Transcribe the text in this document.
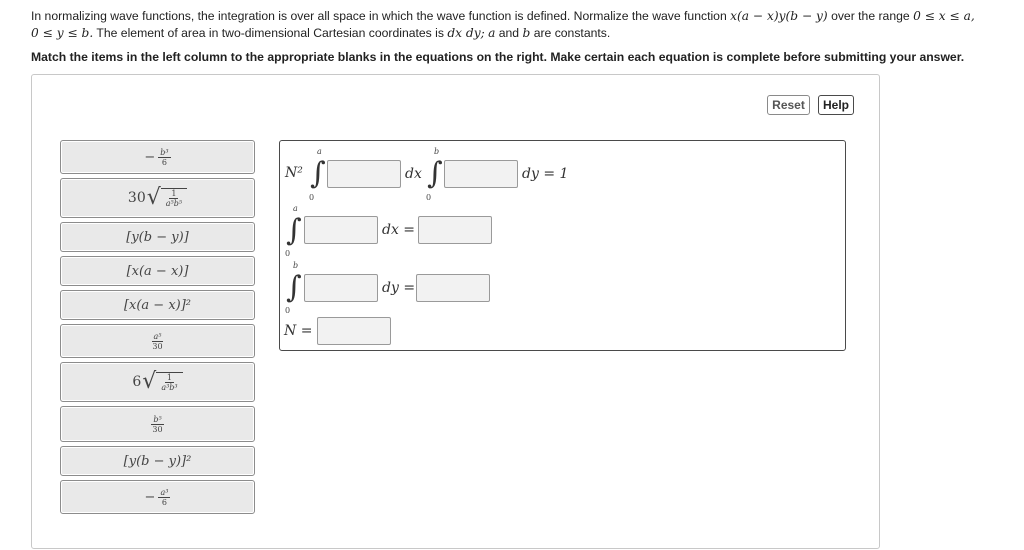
In normalizing wave functions, the integration is over all space in which the wave function is defined. Normalize the wave function x(a − x)y(b − y) over the range 0 ≤ x ≤ a,
0 ≤ y ≤ b. The element of area in two-dimensional Cartesian coordinates is dx dy; a and b are constants.
Match the items in the left column to the appropriate blanks in the equations on the right. Make certain each equation is complete before submitting your answer.
Reset	Help
− $\frac{\text{b³}}{6}$
30 √ $\frac{1}{\text{a⁵b⁵}}$
[y(b − y)]
[x(a − x)]
[x(a − x)]²
$\frac{\text{a⁵}}{30}$
6 √ $\frac{1}{\text{a³b³}}$
$\frac{\text{b⁵}}{30}$
[y(b − y)]²
− $\frac{\text{a³}}{6}$
N²
a
∫
0
dx
b
∫
0
dy = 1
a
∫
0
dx =
b
∫
0
dy =
N =
